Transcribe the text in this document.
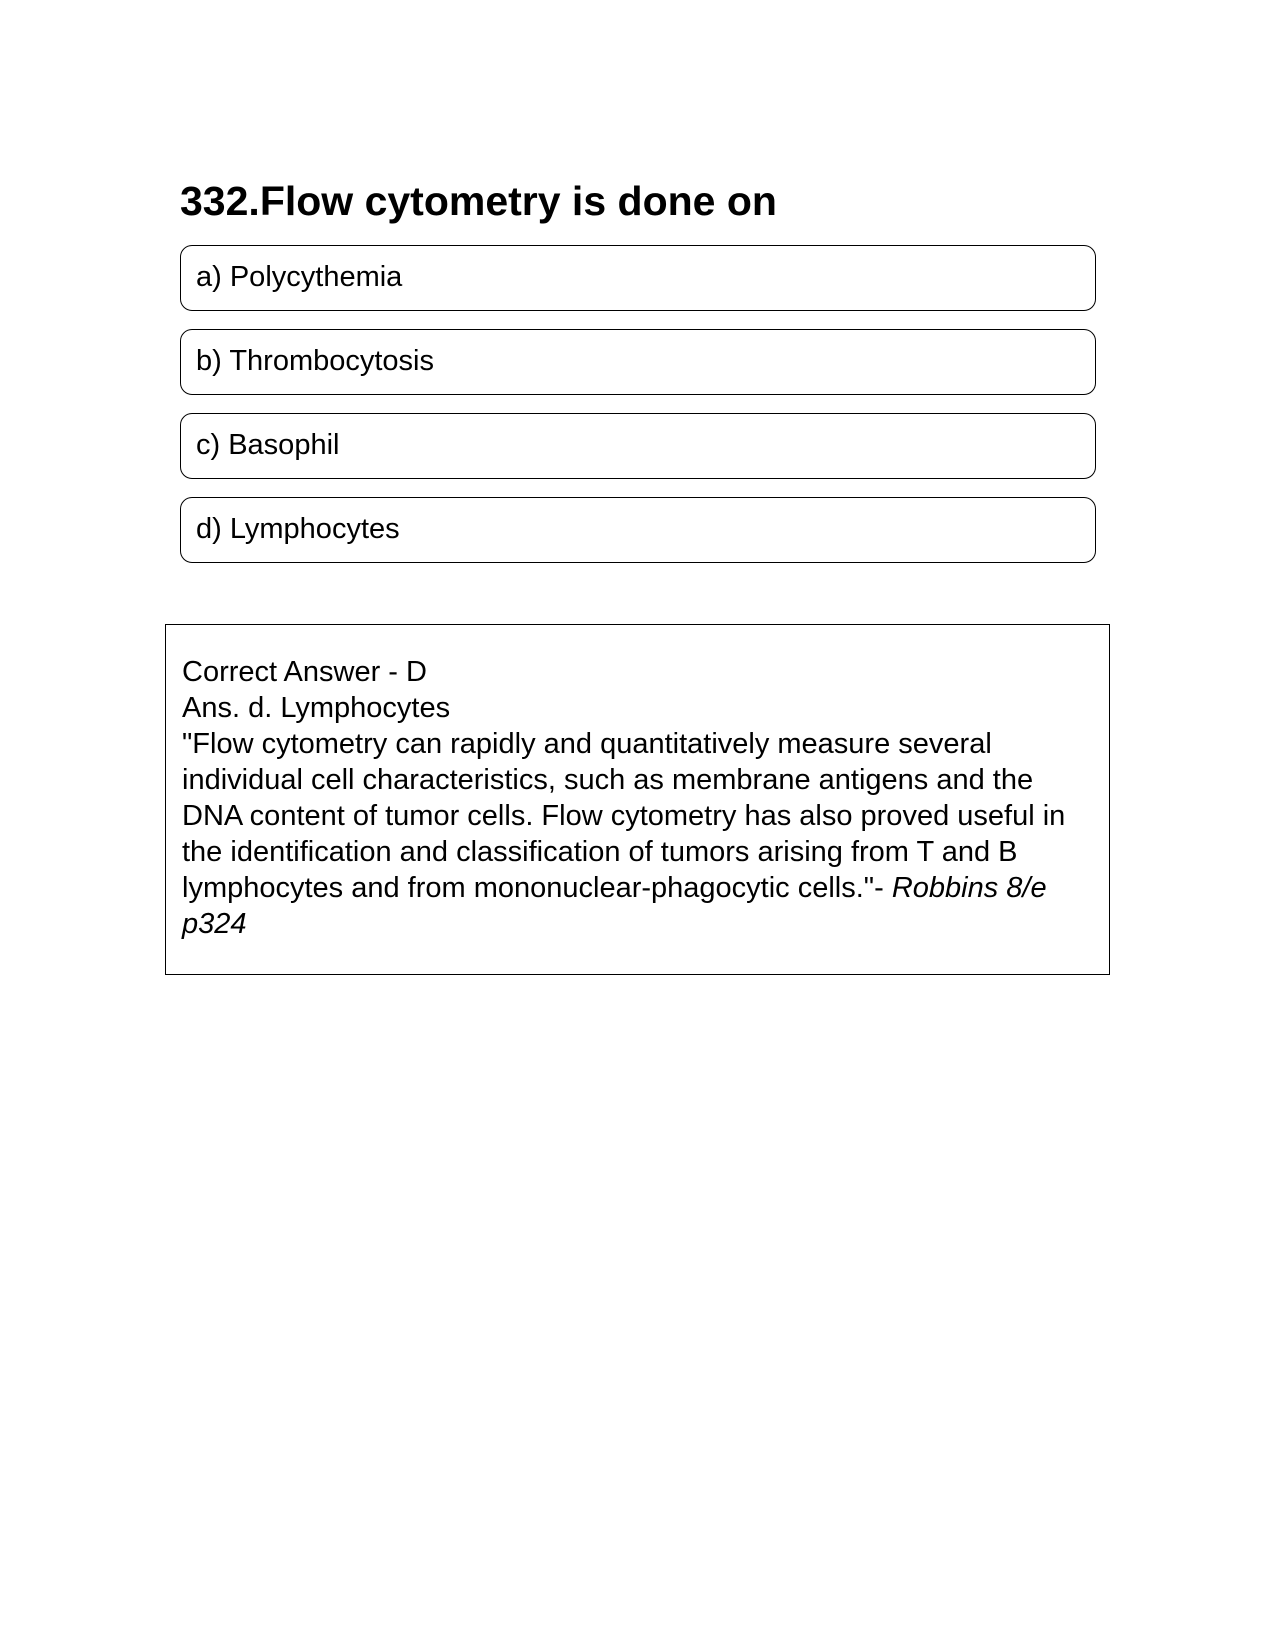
332.Flow cytometry is done on
a) Polycythemia
b) Thrombocytosis
c) Basophil
d) Lymphocytes

Correct Answer - D

Ans. d. Lymphocytes

"Flow cytometry can rapidly and quantitatively measure several individual cell characteristics, such as membrane antigens and the DNA content of tumor cells. Flow cytometry has also proved useful in the identification and classification of tumors arising from T and B lymphocytes and from mononuclear-phagocytic cells."- Robbins 8/e p324
